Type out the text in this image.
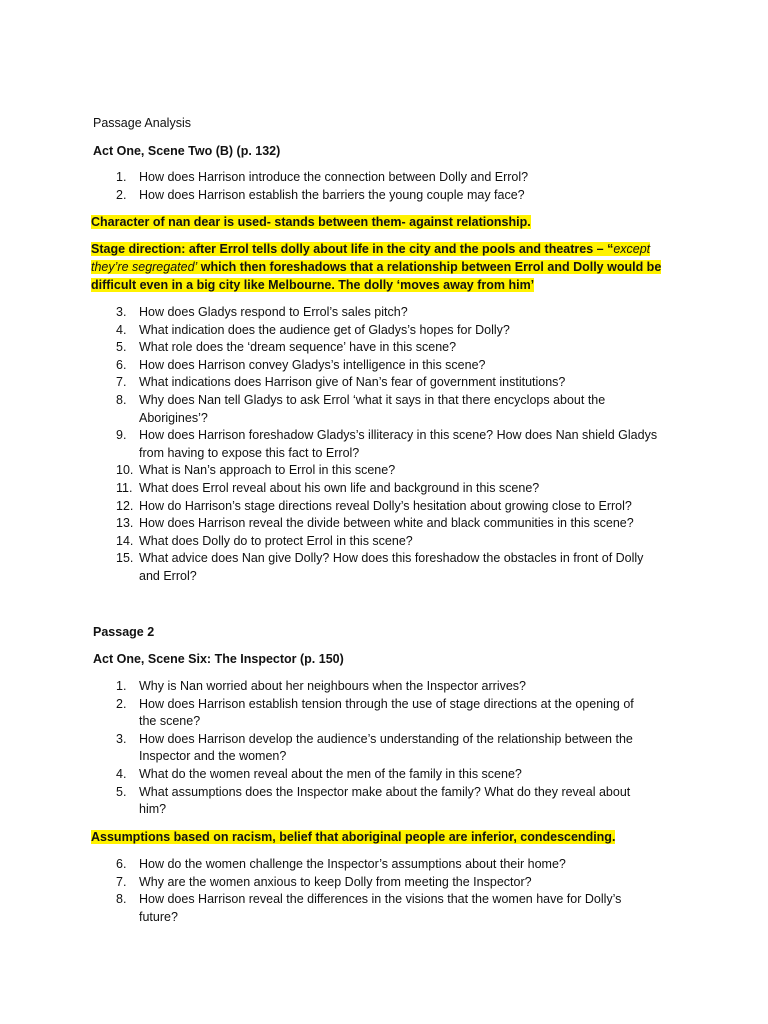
Passage Analysis
Act One, Scene Two (B) (p. 132)
1. How does Harrison introduce the connection between Dolly and Errol?
2. How does Harrison establish the barriers the young couple may face?
Character of nan dear is used- stands between them- against relationship.
Stage direction: after Errol tells dolly about life in the city and the pools and theatres – “except
they’re segregated’ which then foreshadows that a relationship between Errol and Dolly would be
difficult even in a big city like Melbourne. The dolly ‘moves away from him’
3. How does Gladys respond to Errol’s sales pitch?
4. What indication does the audience get of Gladys’s hopes for Dolly?
5. What role does the ‘dream sequence’ have in this scene?
6. How does Harrison convey Gladys’s intelligence in this scene?
7. What indications does Harrison give of Nan’s fear of government institutions?
8. Why does Nan tell Gladys to ask Errol ‘what it says in that there encyclops about the
Aborigines’?
9. How does Harrison foreshadow Gladys’s illiteracy in this scene? How does Nan shield Gladys
from having to expose this fact to Errol?
10. What is Nan’s approach to Errol in this scene?
11. What does Errol reveal about his own life and background in this scene?
12. How do Harrison’s stage directions reveal Dolly’s hesitation about growing close to Errol?
13. How does Harrison reveal the divide between white and black communities in this scene?
14. What does Dolly do to protect Errol in this scene?
15. What advice does Nan give Dolly? How does this foreshadow the obstacles in front of Dolly
and Errol?
Passage 2
Act One, Scene Six: The Inspector (p. 150)
1. Why is Nan worried about her neighbours when the Inspector arrives?
2. How does Harrison establish tension through the use of stage directions at the opening of
the scene?
3. How does Harrison develop the audience’s understanding of the relationship between the
Inspector and the women?
4. What do the women reveal about the men of the family in this scene?
5. What assumptions does the Inspector make about the family? What do they reveal about
him?
Assumptions based on racism, belief that aboriginal people are inferior, condescending.
6. How do the women challenge the Inspector’s assumptions about their home?
7. Why are the women anxious to keep Dolly from meeting the Inspector?
8. How does Harrison reveal the differences in the visions that the women have for Dolly’s
future?
